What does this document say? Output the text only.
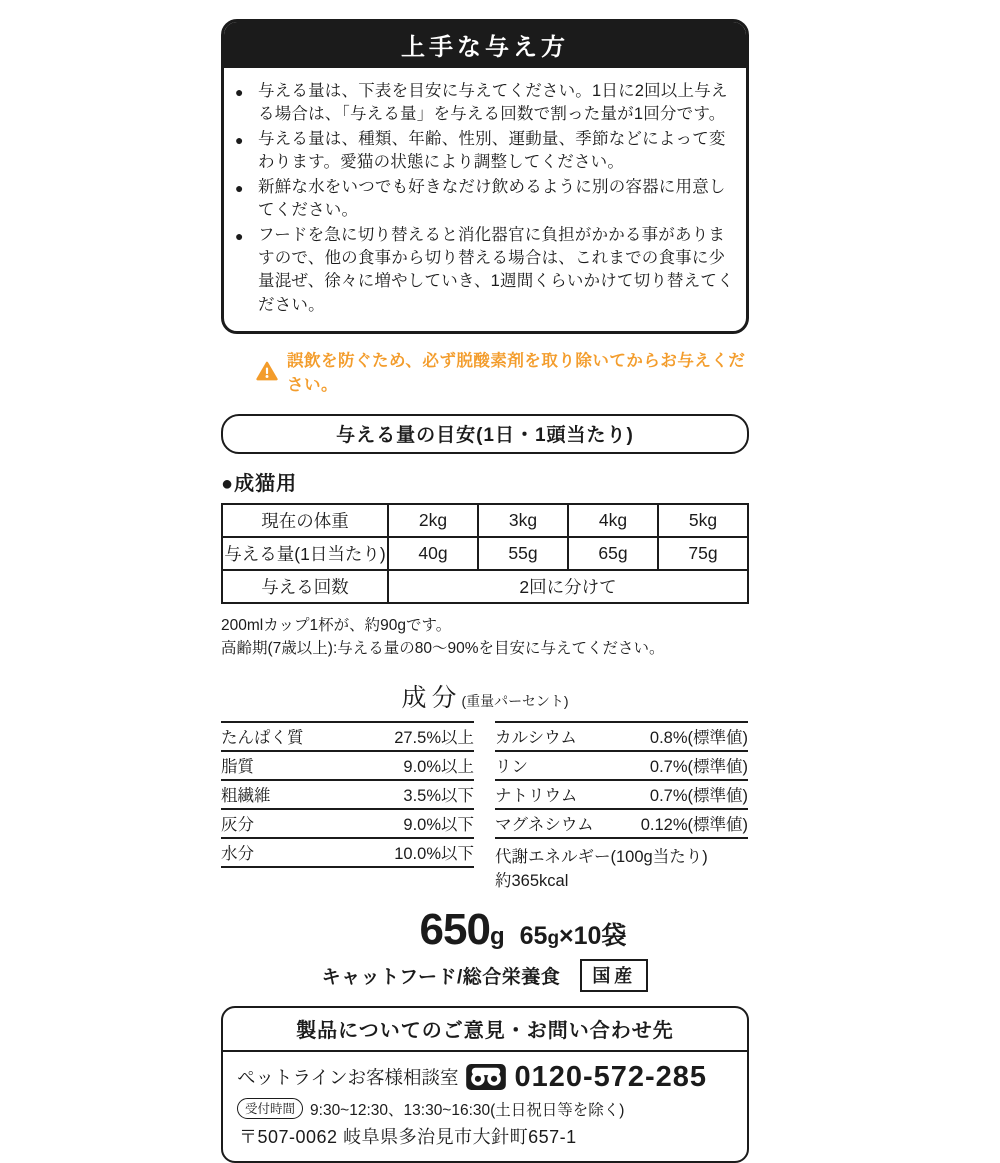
上手な与え方
● 与える量は、下表を目安に与えてください。1日に2回以上与える場合は、「与える量」を与える回数で割った量が1回分です。
● 与える量は、種類、年齢、性別、運動量、季節などによって変わります。愛猫の状態により調整してください。
● 新鮮な水をいつでも好きなだけ飲めるように別の容器に用意してください。
● フードを急に切り替えると消化器官に負担がかかる事がありますので、他の食事から切り替える場合は、これまでの食事に少量混ぜ、徐々に増やしていき、1週間くらいかけて切り替えてください。
誤飲を防ぐため、必ず脱酸素剤を取り除いてからお与えください。
与える量の目安(1日・1頭当たり)
●成猫用
現在の体重	2kg	3kg	4kg	5kg
与える量(1日当たり)	40g	55g	65g	75g
与える回数	2回に分けて			
200mlカップ1杯が、約90gです。
高齢期(7歳以上):与える量の80〜90%を目安に与えてください。
成分(重量パーセント)
たんぱく質	27.5%以上
脂質	9.0%以上
粗繊維	3.5%以下
灰分	9.0%以下
水分	10.0%以下
カルシウム	0.8%(標準値)
リン	0.7%(標準値)
ナトリウム	0.7%(標準値)
マグネシウム	0.12%(標準値)
代謝エネルギー(100g当たり)
約365kcal
650g 65g×10袋
キャットフード/総合栄養食	国産
製品についてのご意見・お問い合わせ先
ペットラインお客様相談室 0120-572-285
受付時間 9:30~12:30、13:30~16:30(土日祝日等を除く)
〒507-0062 岐阜県多治見市大針町657-1
